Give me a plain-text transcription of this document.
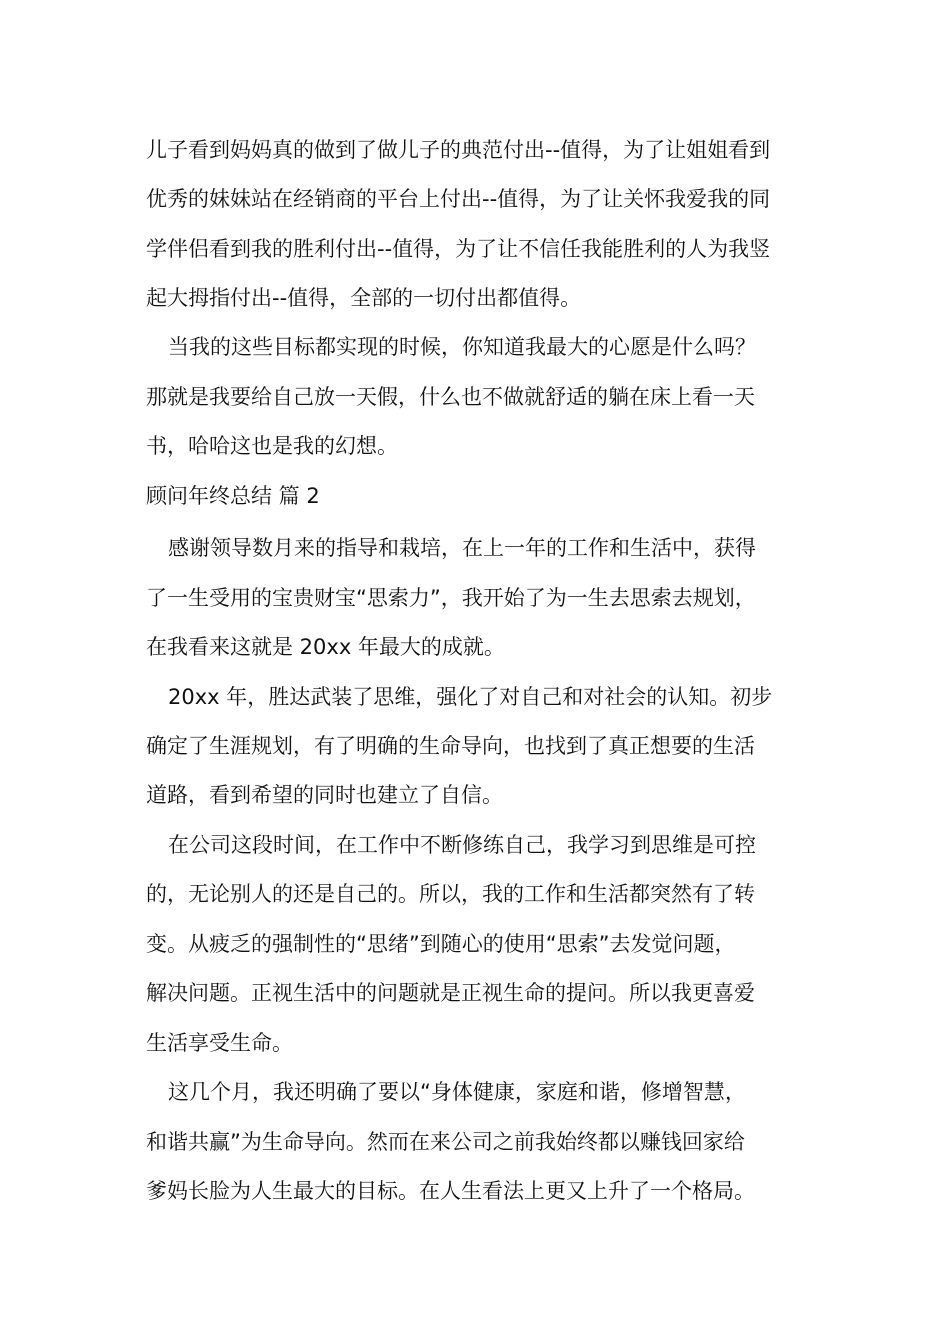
儿子看到妈妈真的做到了做儿子的典范付出--值得，为了让姐姐看到
优秀的妹妹站在经销商的平台上付出--值得，为了让关怀我爱我的同
学伴侣看到我的胜利付出--值得，为了让不信任我能胜利的人为我竖
起大拇指付出--值得，全部的一切付出都值得。
当我的这些目标都实现的时候，你知道我最大的心愿是什么吗？
那就是我要给自己放一天假，什么也不做就舒适的躺在床上看一天
书，哈哈这也是我的幻想。
顾问年终总结 篇 2
感谢领导数月来的指导和栽培，在上一年的工作和生活中，获得
了一生受用的宝贵财宝“思索力”，我开始了为一生去思索去规划，
在我看来这就是 20xx 年最大的成就。
20xx 年，胜达武装了思维，强化了对自己和对社会的认知。初步
确定了生涯规划，有了明确的生命导向，也找到了真正想要的生活
道路，看到希望的同时也建立了自信。
在公司这段时间，在工作中不断修练自己，我学习到思维是可控
的，无论别人的还是自己的。所以，我的工作和生活都突然有了转
变。从疲乏的强制性的“思绪”到随心的使用“思索”去发觉问题，
解决问题。正视生活中的问题就是正视生命的提问。所以我更喜爱
生活享受生命。
这几个月，我还明确了要以“身体健康，家庭和谐，修增智慧，
和谐共赢”为生命导向。然而在来公司之前我始终都以赚钱回家给
爹妈长脸为人生最大的目标。在人生看法上更又上升了一个格局。
